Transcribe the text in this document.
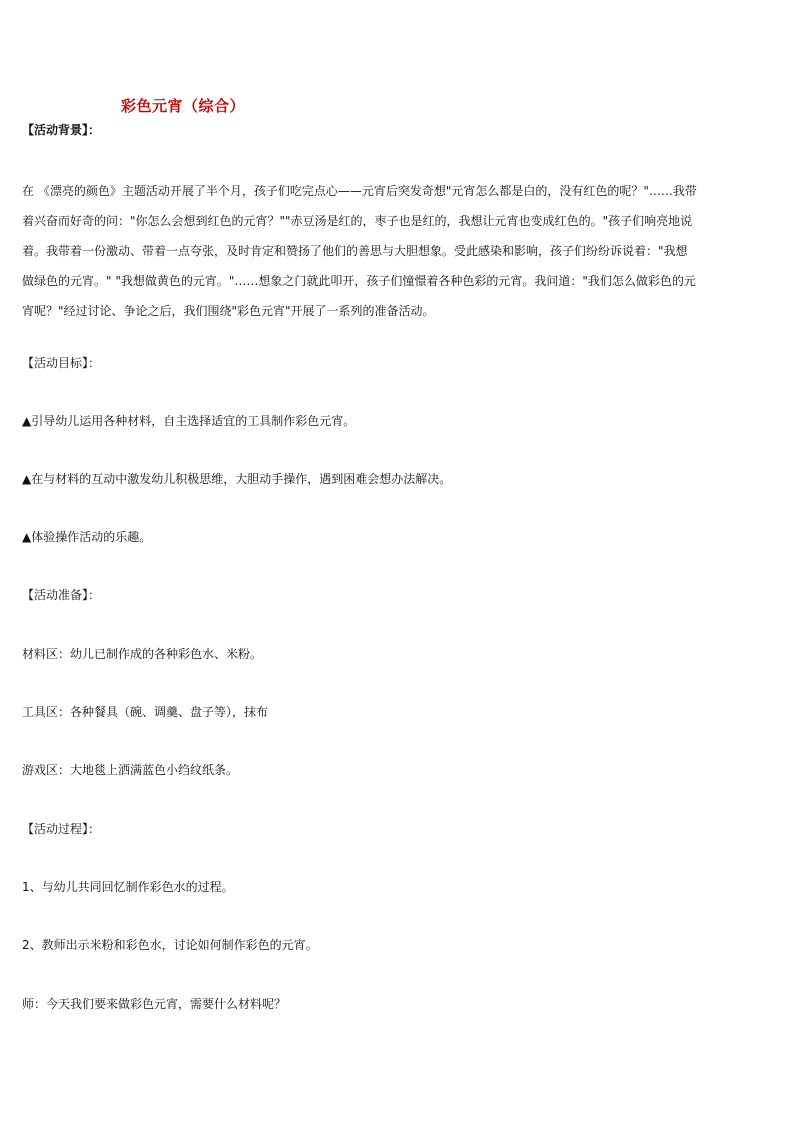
彩色元宵（综合）
【活动背景】：
在 《漂亮的颜色》主题活动开展了半个月，孩子们吃完点心——元宵后突发奇想"元宵怎么都是白的，没有红色的呢？"……我带
着兴奋而好奇的问："你怎么会想到红色的元宵？""赤豆汤是红的，枣子也是红的，我想让元宵也变成红色的。"孩子们响亮地说
着。我带着一份激动、带着一点夸张，及时肯定和赞扬了他们的善思与大胆想象。受此感染和影响，孩子们纷纷诉说着："我想
做绿色的元宵。" "我想做黄色的元宵。"……想象之门就此叩开，孩子们憧憬着各种色彩的元宵。我问道："我们怎么做彩色的元
宵呢？"经过讨论、争论之后，我们围绕"彩色元宵"开展了一系列的准备活动。
【活动目标】：
▲引导幼儿运用各种材料，自主选择适宜的工具制作彩色元宵。
▲在与材料的互动中激发幼儿积极思维，大胆动手操作，遇到困难会想办法解决。
▲体验操作活动的乐趣。
【活动准备】：
材料区：幼儿已制作成的各种彩色水、米粉。
工具区：各种餐具（碗、调羹、盘子等），抹布
游戏区：大地毯上洒满蓝色小绉纹纸条。
【活动过程】：
1、与幼儿共同回忆制作彩色水的过程。
2、教师出示米粉和彩色水，讨论如何制作彩色的元宵。
师：今天我们要来做彩色元宵，需要什么材料呢？
